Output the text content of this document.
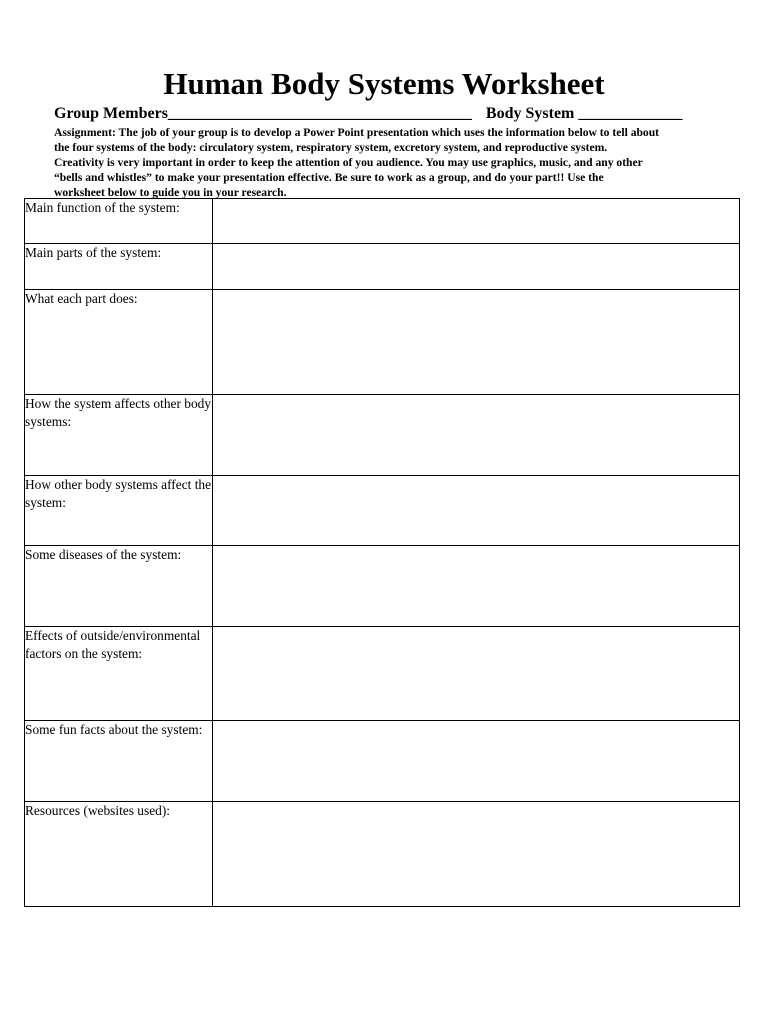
Human Body Systems Worksheet
Group Members______________________________________ Body System _____________

Assignment: The job of your group is to develop a Power Point presentation which uses the information below to tell about

the four systems of the body: circulatory system, respiratory system, excretory system, and reproductive system.

Creativity is very important in order to keep the attention of you audience. You may use graphics, music, and any other

“bells and whistles” to make your presentation effective. Be sure to work as a group, and do your part!! Use the

worksheet below to guide you in your research.

Main function of the system:	
Main parts of the system:	
What each part does:	
How the system affects other body systems:	
How other body systems affect the system:	
Some diseases of the system:	
Effects of outside/environmental factors on the system:	
Some fun facts about the system:	
Resources (websites used):	
